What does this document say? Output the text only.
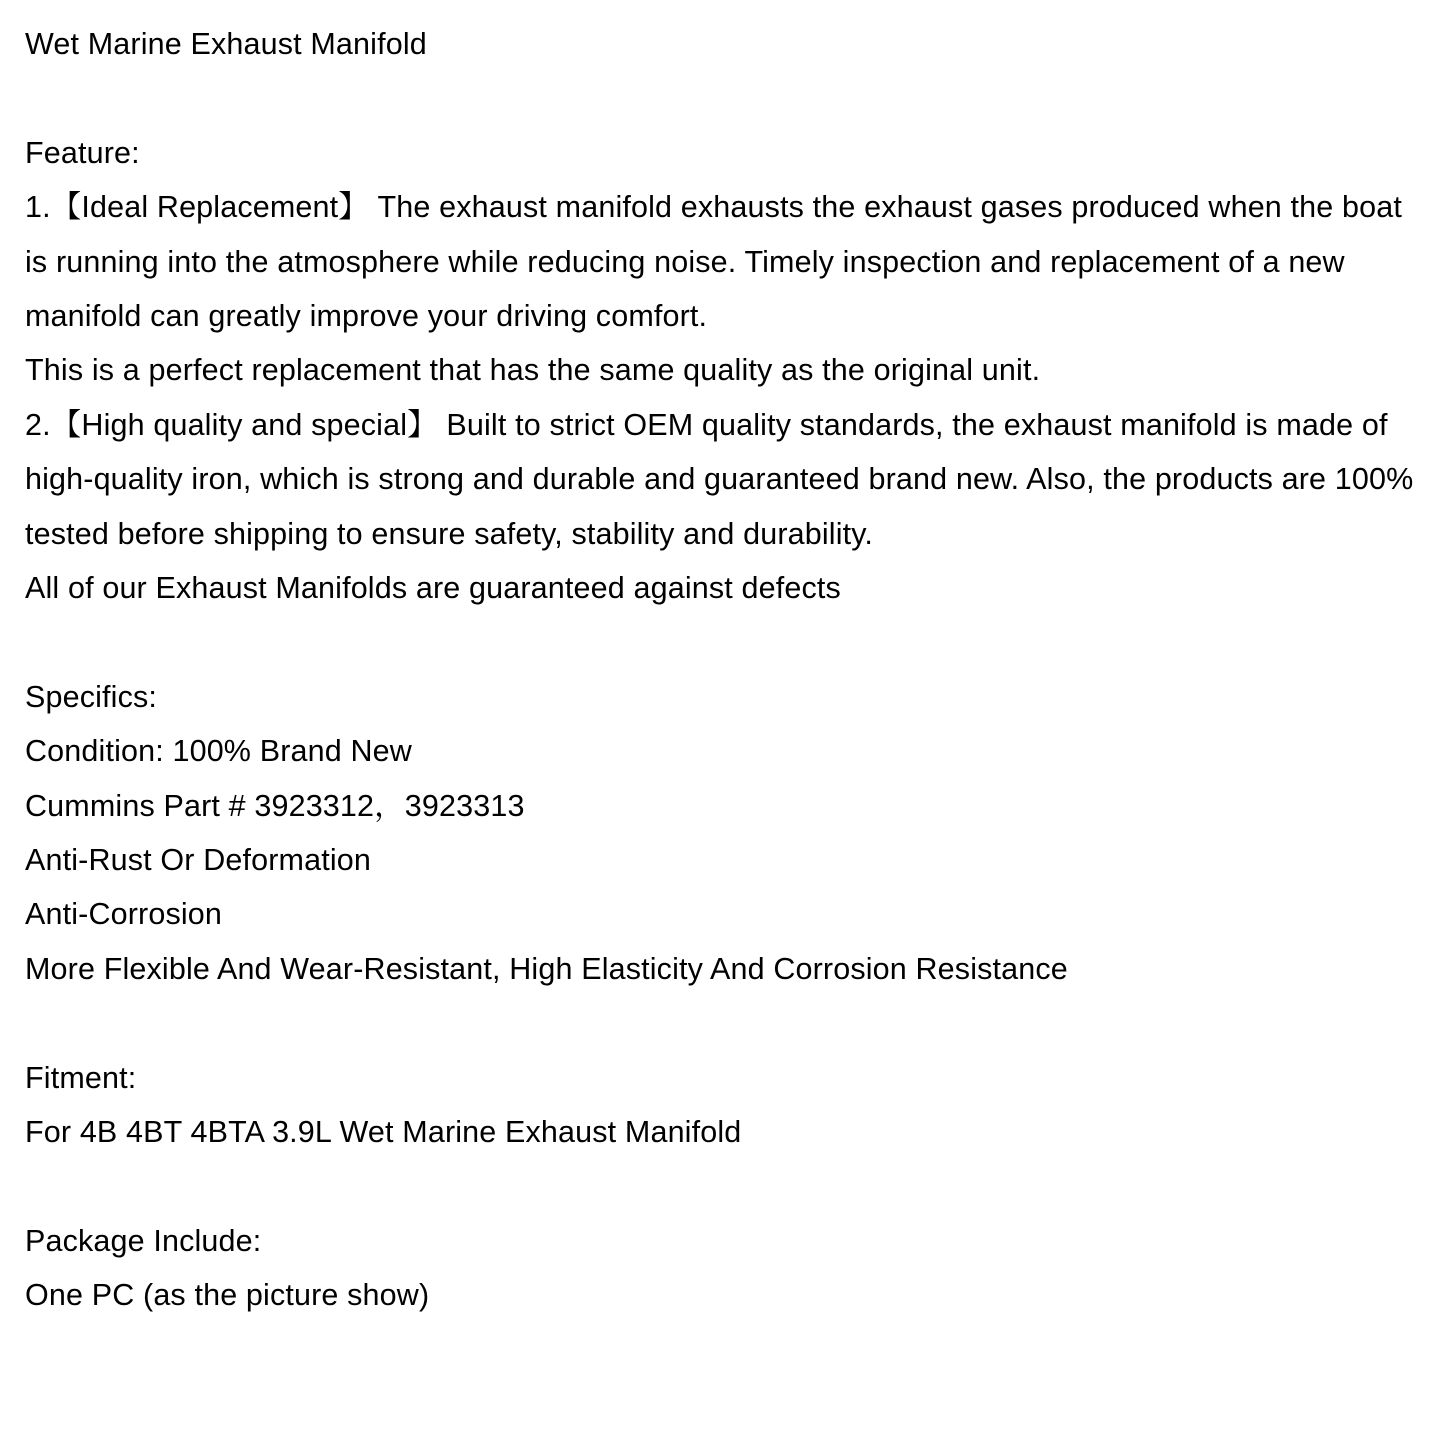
Wet Marine Exhaust Manifold
Feature:
1.【Ideal Replacement】 The exhaust manifold exhausts the exhaust gases produced when the boat is running into the atmosphere while reducing noise. Timely inspection and replacement of a new manifold can greatly improve your driving comfort.
This is a perfect replacement that has the same quality as the original unit.
2.【High quality and special】 Built to strict OEM quality standards, the exhaust manifold is made of high-quality iron, which is strong and durable and guaranteed brand new. Also, the products are 100% tested before shipping to ensure safety, stability and durability.
All of our Exhaust Manifolds are guaranteed against defects
Specifics:
Condition: 100% Brand New
Cummins Part # 3923312，3923313
Anti-Rust Or Deformation
Anti-Corrosion
More Flexible And Wear-Resistant, High Elasticity And Corrosion Resistance
Fitment:
For 4B 4BT 4BTA 3.9L Wet Marine Exhaust Manifold
Package Include:
One PC (as the picture show)
